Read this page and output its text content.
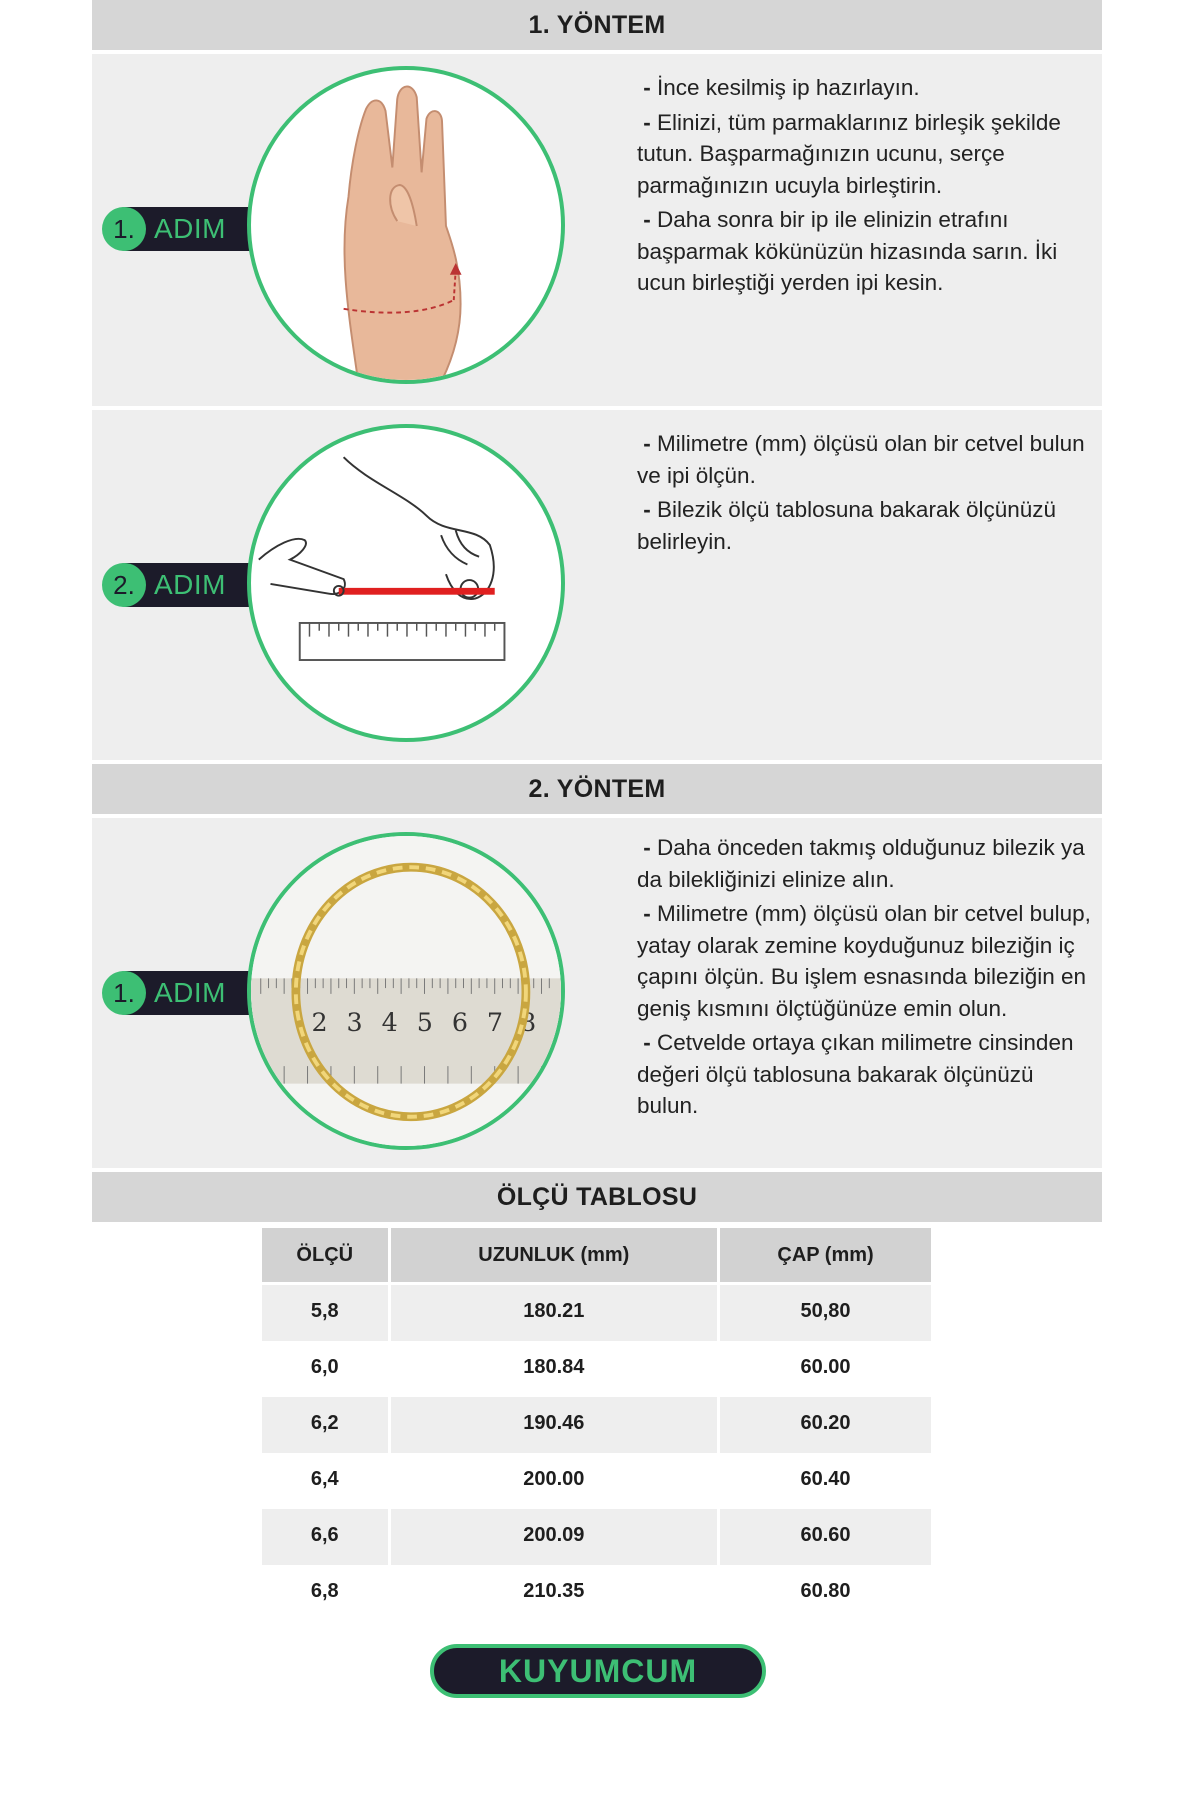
1. YÖNTEM
1. ADIM

- İnce kesilmiş ip hazırlayın.

- Elinizi, tüm parmaklarınız birleşik şekilde tutun. Başparmağınızın ucunu, serçe parmağınızın ucuyla birleştirin.

- Daha sonra bir ip ile elinizin etrafını başparmak kökünüzün hizasında sarın. İki ucun birleştiği yerden ipi kesin.

2. ADIM

- Milimetre (mm) ölçüsü olan bir cetvel bulun ve ipi ölçün.

- Bilezik ölçü tablosuna bakarak ölçünüzü belirleyin.

2. YÖNTEM
1. ADIM
2 3 4 5 6 7 8

- Daha önceden takmış olduğunuz bilezik ya da bilekliğinizi elinize alın.

- Milimetre (mm) ölçüsü olan bir cetvel bulup, yatay olarak zemine koyduğunuz bileziğin iç çapını ölçün. Bu işlem esnasında bileziğin en geniş kısmını ölçtüğünüze emin olun.

- Cetvelde ortaya çıkan milimetre cinsinden değeri ölçü tablosuna bakarak ölçünüzü bulun.

ÖLÇÜ TABLOSU
ÖLÇÜ	UZUNLUK (mm)	ÇAP (mm)
5,8	180.21	50,80
6,0	180.84	60.00
6,2	190.46	60.20
6,4	200.00	60.40
6,6	200.09	60.60
6,8	210.35	60.80
KUYUMCUM
